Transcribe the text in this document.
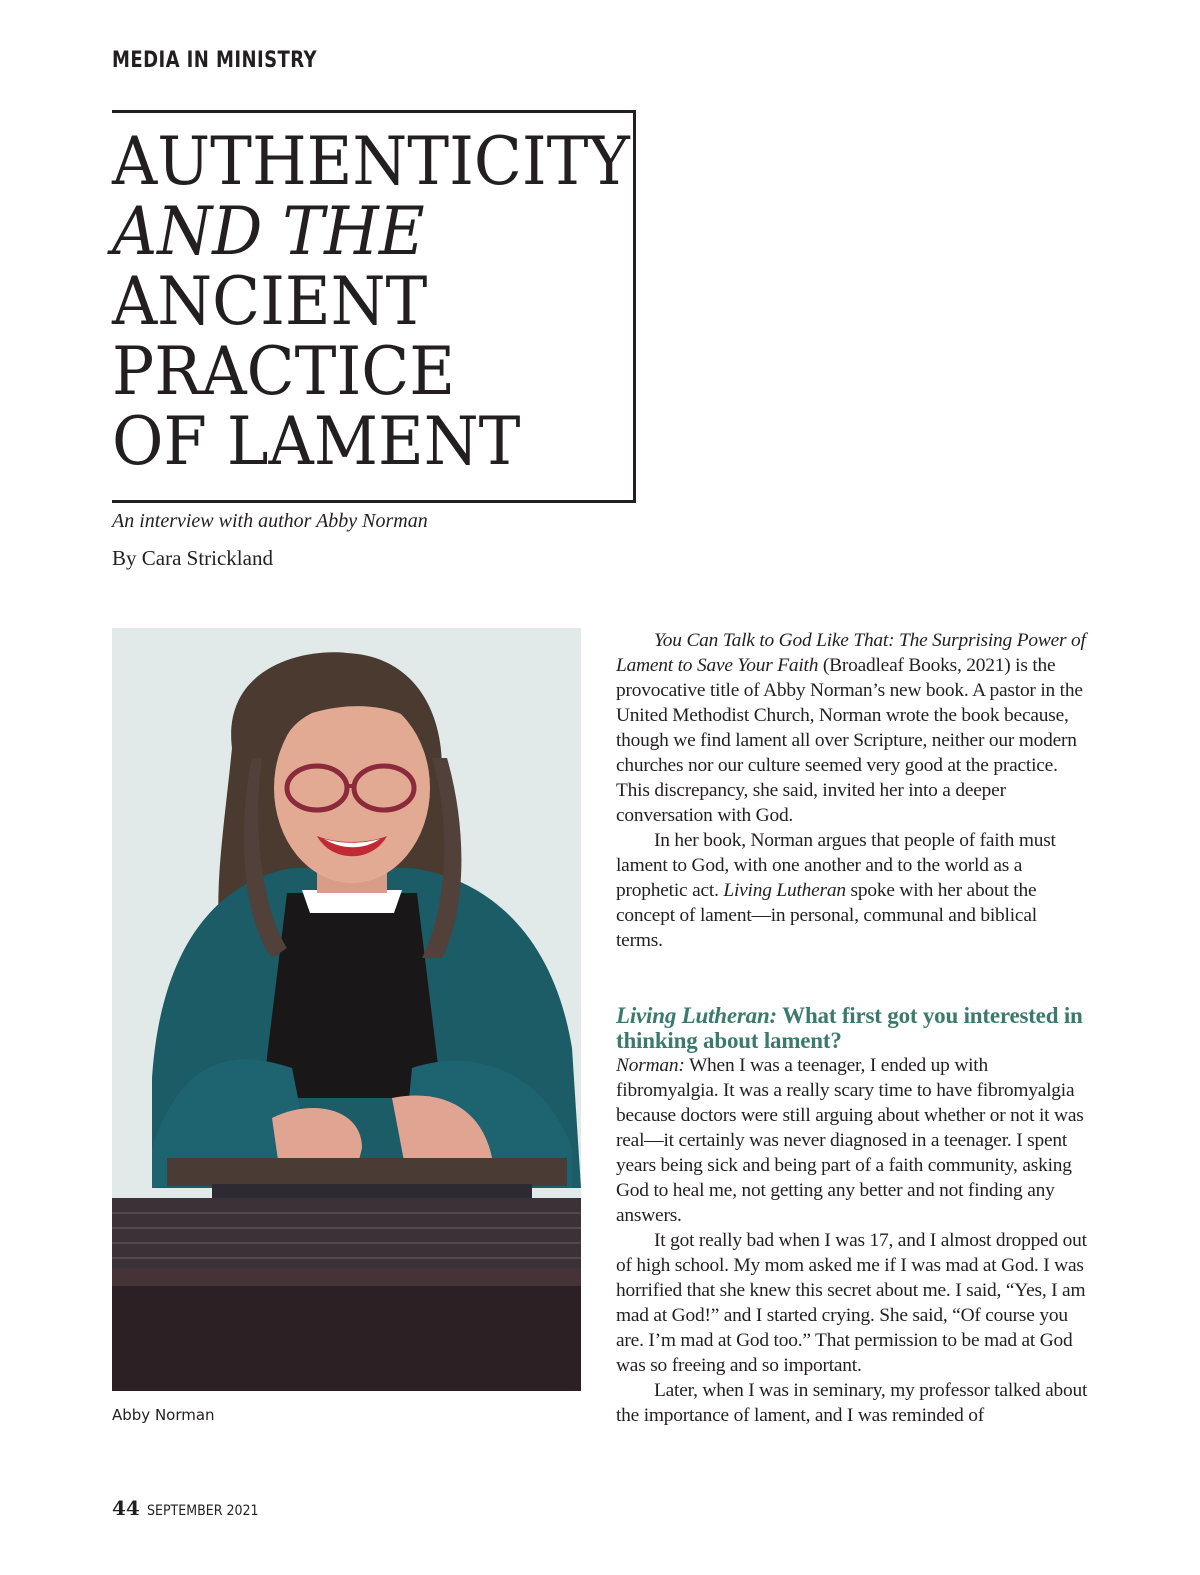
MEDIA IN MINISTRY
AUTHENTICITY
AND THE
ANCIENT
PRACTICE
OF LAMENT
An interview with author Abby Norman
By Cara Strickland
Abby Norman

You Can Talk to God Like That: The Surprising Power of Lament to Save Your Faith (Broadleaf Books, 2021) is the provocative title of Abby Norman’s new book. A pastor in the United Methodist Church, Norman wrote the book because, though we find lament all over Scripture, neither our modern churches nor our culture seemed very good at the practice. This discrepancy, she said, invited her into a deeper conversation with God.

In her book, Norman argues that people of faith must lament to God, with one another and to the world as a prophetic act. Living Lutheran spoke with her about the concept of lament—in personal, communal and biblical terms.

Living Lutheran: What first got you interested in thinking about lament?

Norman: When I was a teenager, I ended up with fibromyalgia. It was a really scary time to have fibromyalgia because doctors were still arguing about whether or not it was real—it certainly was never diagnosed in a teenager. I spent years being sick and being part of a faith community, asking God to heal me, not getting any better and not finding any answers.

It got really bad when I was 17, and I almost dropped out of high school. My mom asked me if I was mad at God. I was horrified that she knew this secret about me. I said, “Yes, I am mad at God!” and I started crying. She said, “Of course you are. I’m mad at God too.” That permission to be mad at God was so freeing and so important.

Later, when I was in seminary, my professor talked about the importance of lament, and I was reminded of

44 SEPTEMBER 2021
